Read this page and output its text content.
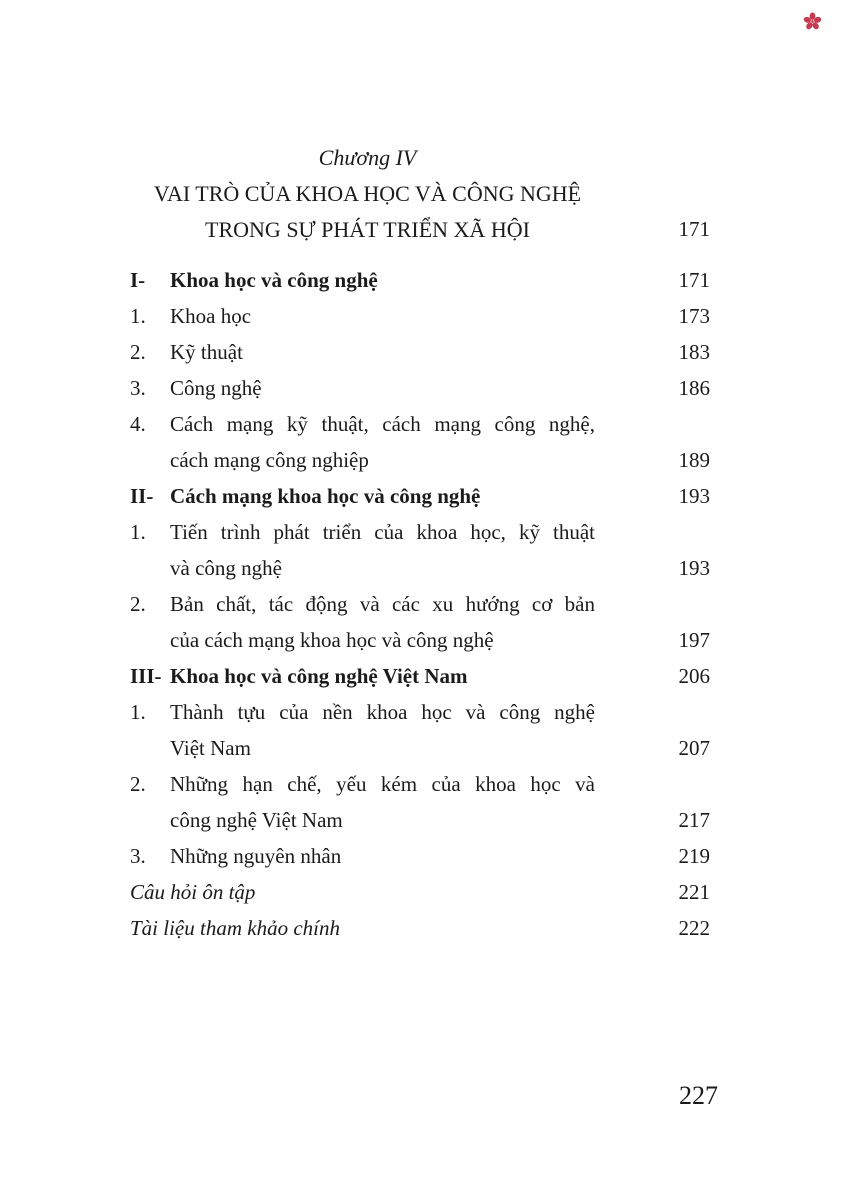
Chương IV
VAI TRÒ CỦA KHOA HỌC VÀ CÔNG NGHỆ
TRONG SỰ PHÁT TRIỂN XÃ HỘI	171
I-	Khoa học và công nghệ	171
1.	Khoa học	173
2.	Kỹ thuật	183
3.	Công nghệ	186
4.	Cách mạng kỹ thuật, cách mạng công nghệ,
cách mạng công nghiệp	189
II- Cách mạng khoa học và công nghệ	193
1.	Tiến trình phát triển của khoa học, kỹ thuật
và công nghệ	193
2.	Bản chất, tác động và các xu hướng cơ bản
của cách mạng khoa học và công nghệ	197
III- Khoa học và công nghệ Việt Nam	206
1.	Thành tựu của nền khoa học và công nghệ
Việt Nam	207
2.	Những hạn chế, yếu kém của khoa học và
công nghệ Việt Nam	217
3.	Những nguyên nhân	219
Câu hỏi ôn tập	221
Tài liệu tham khảo chính	222
227
